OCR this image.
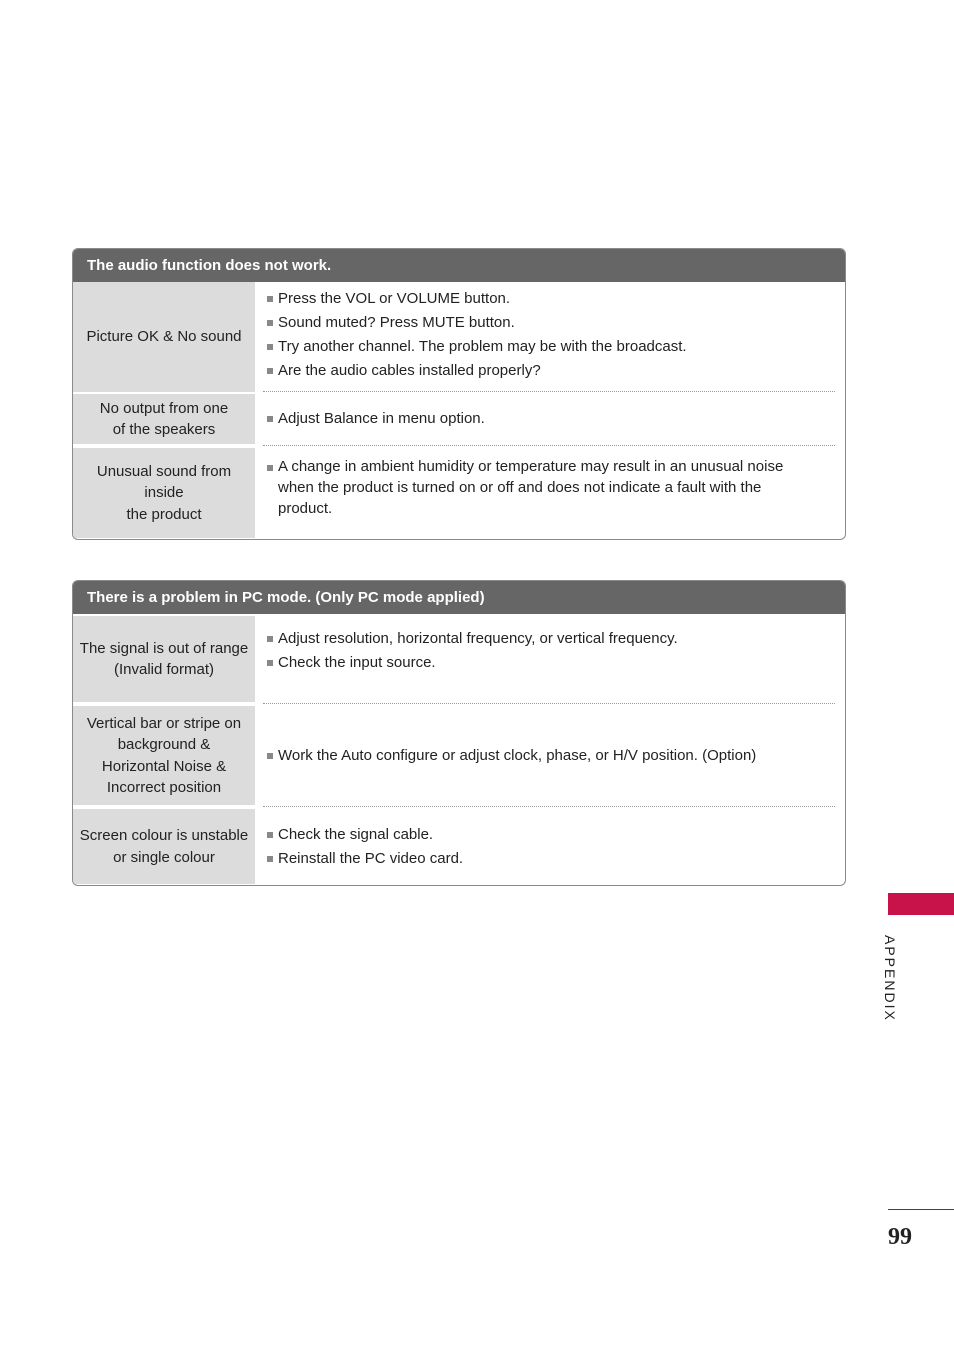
The audio function does not work.
Picture OK & No sound
Press the VOL or VOLUME button.
Sound muted? Press MUTE button.
Try another channel. The problem may be with the broadcast.
Are the audio cables installed properly?
No output from one
of the speakers
Adjust Balance in menu option.
Unusual sound from inside
the product
A change in ambient humidity or temperature may result in an unusual noise when the product is turned on or off and does not indicate a fault with the product.
There is a problem in PC mode. (Only PC mode applied)
The signal is out of range
(Invalid format)
Adjust resolution, horizontal frequency, or vertical frequency.
Check the input source.
Vertical bar or stripe on
background &
Horizontal Noise &
Incorrect position
Work the Auto configure or adjust clock, phase, or H/V position. (Option)
Screen colour is unstable
or single colour
Check the signal cable.
Reinstall the PC video card.
APPENDIX
99
